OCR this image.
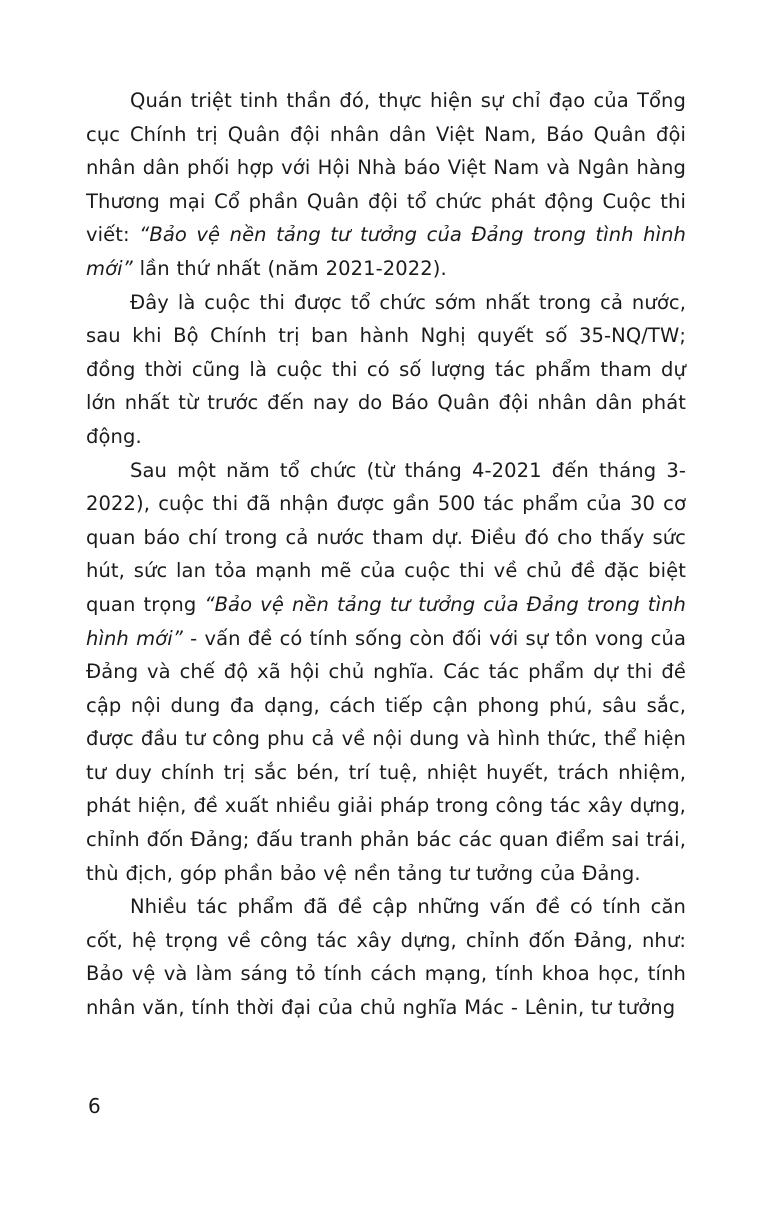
Quán triệt tinh thần đó, thực hiện sự chỉ đạo của Tổng cục Chính trị Quân đội nhân dân Việt Nam, Báo Quân đội nhân dân phối hợp với Hội Nhà báo Việt Nam và Ngân hàng Thương mại Cổ phần Quân đội tổ chức phát động Cuộc thi viết: “Bảo vệ nền tảng tư tưởng của Đảng trong tình hình mới” lần thứ nhất (năm 2021-2022).

Đây là cuộc thi được tổ chức sớm nhất trong cả nước, sau khi Bộ Chính trị ban hành Nghị quyết số 35-NQ/TW; đồng thời cũng là cuộc thi có số lượng tác phẩm tham dự lớn nhất từ trước đến nay do Báo Quân đội nhân dân phát động.

Sau một năm tổ chức (từ tháng 4-2021 đến tháng 3-2022), cuộc thi đã nhận được gần 500 tác phẩm của 30 cơ quan báo chí trong cả nước tham dự. Điều đó cho thấy sức hút, sức lan tỏa mạnh mẽ của cuộc thi về chủ đề đặc biệt quan trọng “Bảo vệ nền tảng tư tưởng của Đảng trong tình hình mới” - vấn đề có tính sống còn đối với sự tồn vong của Đảng và chế độ xã hội chủ nghĩa. Các tác phẩm dự thi đề cập nội dung đa dạng, cách tiếp cận phong phú, sâu sắc, được đầu tư công phu cả về nội dung và hình thức, thể hiện tư duy chính trị sắc bén, trí tuệ, nhiệt huyết, trách nhiệm, phát hiện, đề xuất nhiều giải pháp trong công tác xây dựng, chỉnh đốn Đảng; đấu tranh phản bác các quan điểm sai trái, thù địch, góp phần bảo vệ nền tảng tư tưởng của Đảng.

Nhiều tác phẩm đã đề cập những vấn đề có tính căn cốt, hệ trọng về công tác xây dựng, chỉnh đốn Đảng, như: Bảo vệ và làm sáng tỏ tính cách mạng, tính khoa học, tính nhân văn, tính thời đại của chủ nghĩa Mác - Lênin, tư tưởng

6
